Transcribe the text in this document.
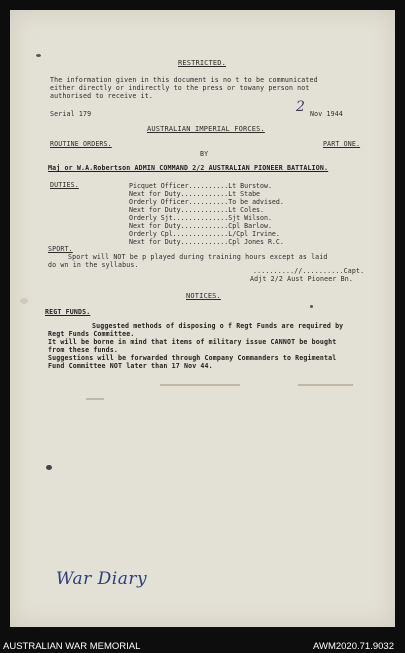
RESTRICTED.
The information given in this document is no t to be communicated
either directly or indirectly to the press or towany person not
authorised to receive it.
Serial 179	2 Nov 1944
AUSTRALIAN IMPERIAL FORCES.
ROUTINE ORDERS.	PART ONE.
BY
Maj or W.A.Robertson ADMIN COMMAND 2/2 AUSTRALIAN PIONEER BATTALION.
DUTIES.	Picquet Officer..........Lt Burstow.
Next for Duty............Lt Stabe
Orderly Officer..........To be advised.
Next for Duty............Lt Coles.
Orderly Sjt..............Sjt Wilson.
Next for Duty............Cpl Barlow.
Orderly Cpl..............L/Cpl Irvine.
Next for Duty............Cpl Jones R.C.
SPORT.
Sport will NOT be p played during training hours except as laid
do wn in the syllabus.
..........//..........Capt.
Adjt 2/2 Aust Pioneer Bn.
NOTICES.
REGT FUNDS.
Suggested methods of disposing o f Regt Funds are required by
Regt Funds Committee.
It will be borne in mind that items of military issue CANNOT be bought
from these funds.
Suggestions will be forwarded through Company Commanders to Regimental
Fund Committee NOT later than 17 Nov 44.
War Diary
AUSTRALIAN WAR MEMORIAL	AWM2020.71.9032
